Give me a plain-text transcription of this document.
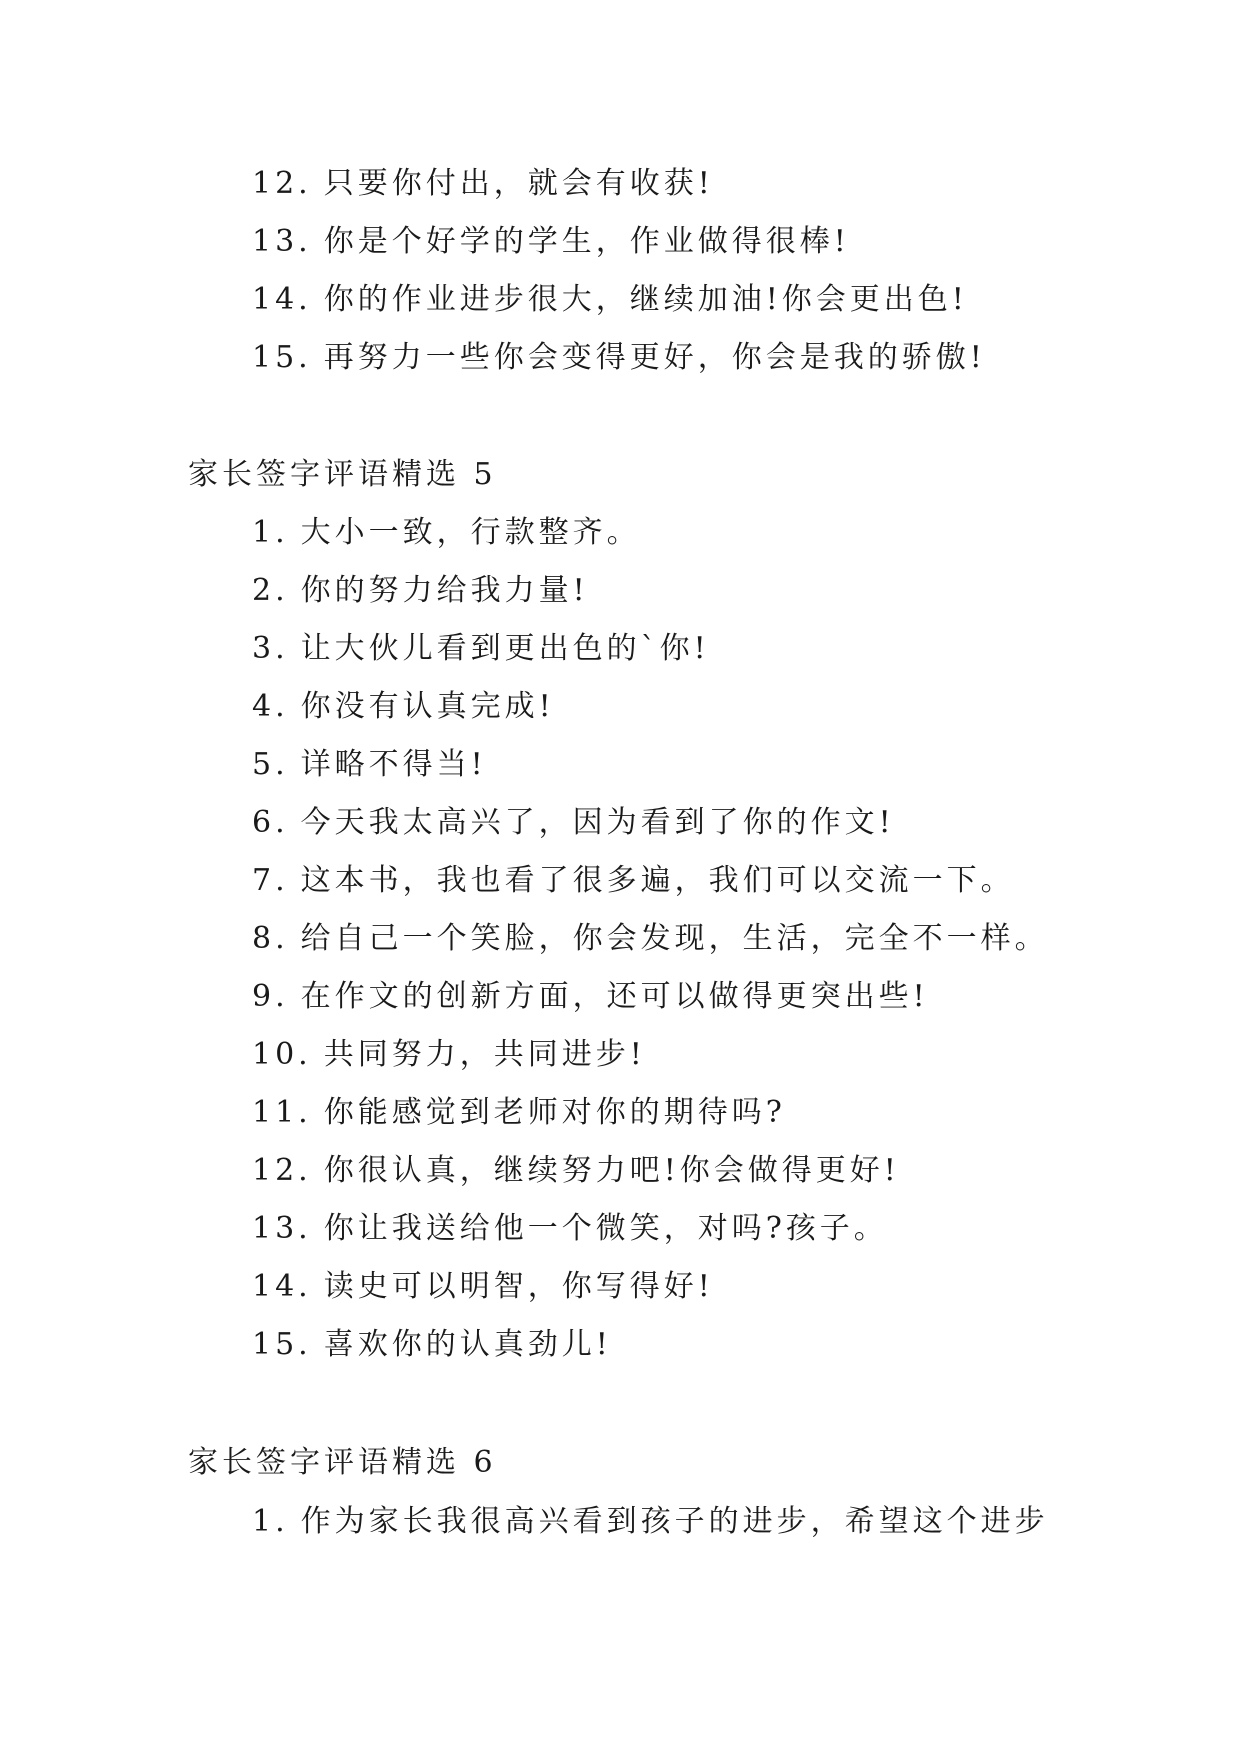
12. 只要你付出，就会有收获!
13. 你是个好学的学生，作业做得很棒!
14. 你的作业进步很大，继续加油!你会更出色!
15. 再努力一些你会变得更好，你会是我的骄傲!
家长签字评语精选 5
1. 大小一致，行款整齐。
2. 你的努力给我力量!
3. 让大伙儿看到更出色的`你!
4. 你没有认真完成!
5. 详略不得当!
6. 今天我太高兴了，因为看到了你的作文!
7. 这本书，我也看了很多遍，我们可以交流一下。
8. 给自己一个笑脸，你会发现，生活，完全不一样。
9. 在作文的创新方面，还可以做得更突出些!
10. 共同努力，共同进步!
11. 你能感觉到老师对你的期待吗?
12. 你很认真，继续努力吧!你会做得更好!
13. 你让我送给他一个微笑，对吗?孩子。
14. 读史可以明智，你写得好!
15. 喜欢你的认真劲儿!
家长签字评语精选 6
1. 作为家长我很高兴看到孩子的进步，希望这个进步
